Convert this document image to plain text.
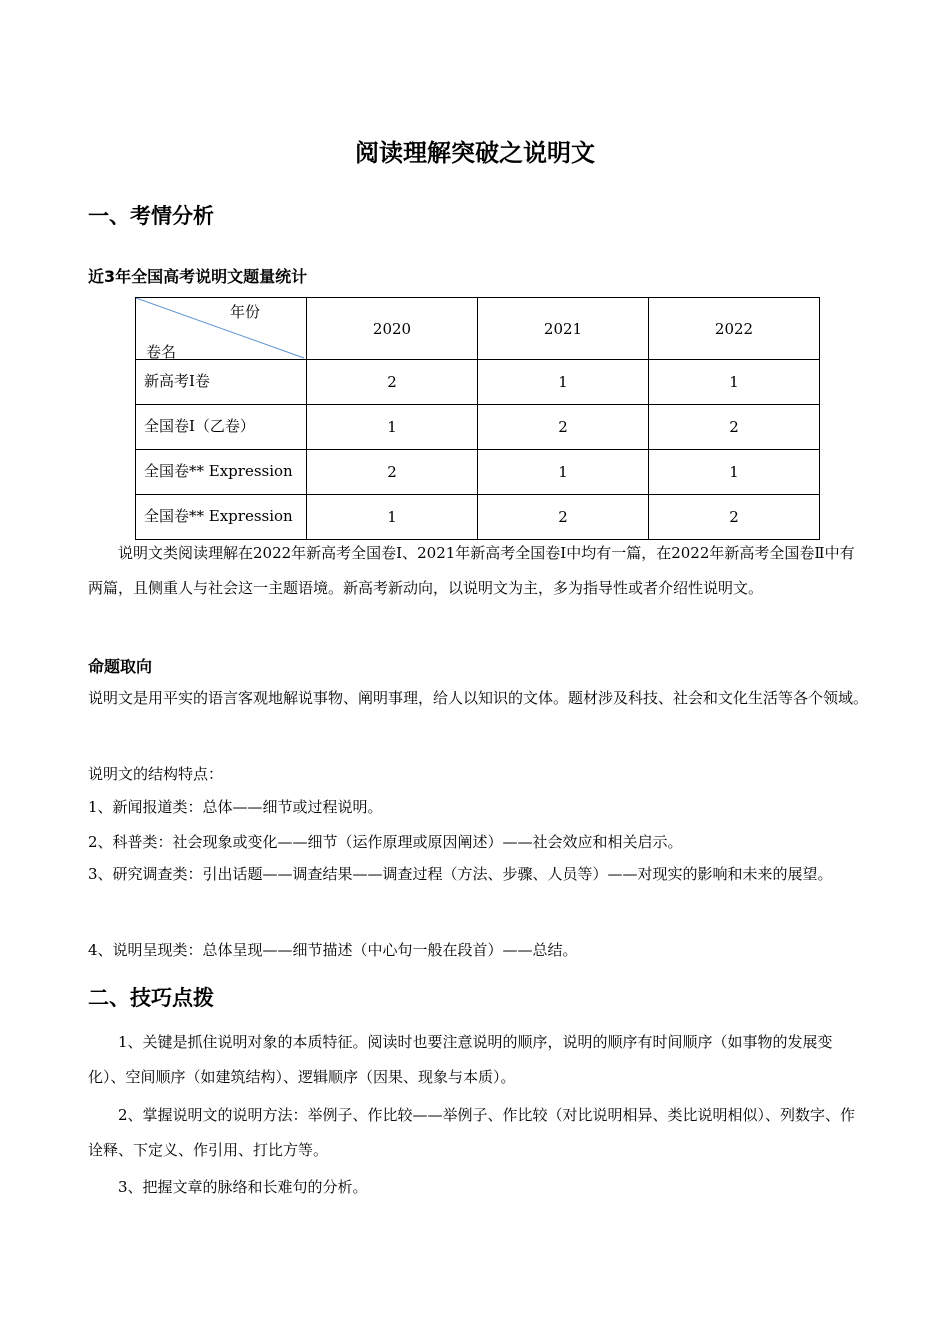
阅读理解突破之说明文
一、考情分析
近3年全国高考说明文题量统计
年份
卷名	2020	2021	2022
新高考I卷	2	1	1
全国卷I（乙卷）	1	2	2
全国卷** Expression	2	1	1
全国卷** Expression	1	2	2
说明文类阅读理解在2022年新高考全国卷Ⅰ、2021年新高考全国卷Ⅰ中均有一篇，在2022年新高考全国卷Ⅱ中有两篇，且侧重人与社会这一主题语境。新高考新动向，以说明文为主，多为指导性或者介绍性说明文。
命题取向
说明文是用平实的语言客观地解说事物、阐明事理，给人以知识的文体。题材涉及科技、社会和文化生活等各个领域。
说明文的结构特点：
1、新闻报道类：总体——细节或过程说明。
2、科普类：社会现象或变化——细节（运作原理或原因阐述）——社会效应和相关启示。
3、研究调查类：引出话题——调查结果——调查过程（方法、步骤、人员等）——对现实的影响和未来的展望。
4、说明呈现类：总体呈现——细节描述（中心句一般在段首）——总结。
二、技巧点拨
1、关键是抓住说明对象的本质特征。阅读时也要注意说明的顺序，说明的顺序有时间顺序（如事物的发展变化）、空间顺序（如建筑结构）、逻辑顺序（因果、现象与本质）。
2、掌握说明文的说明方法：举例子、作比较——举例子、作比较（对比说明相异、类比说明相似）、列数字、作诠释、下定义、作引用、打比方等。
3、把握文章的脉络和长难句的分析。
